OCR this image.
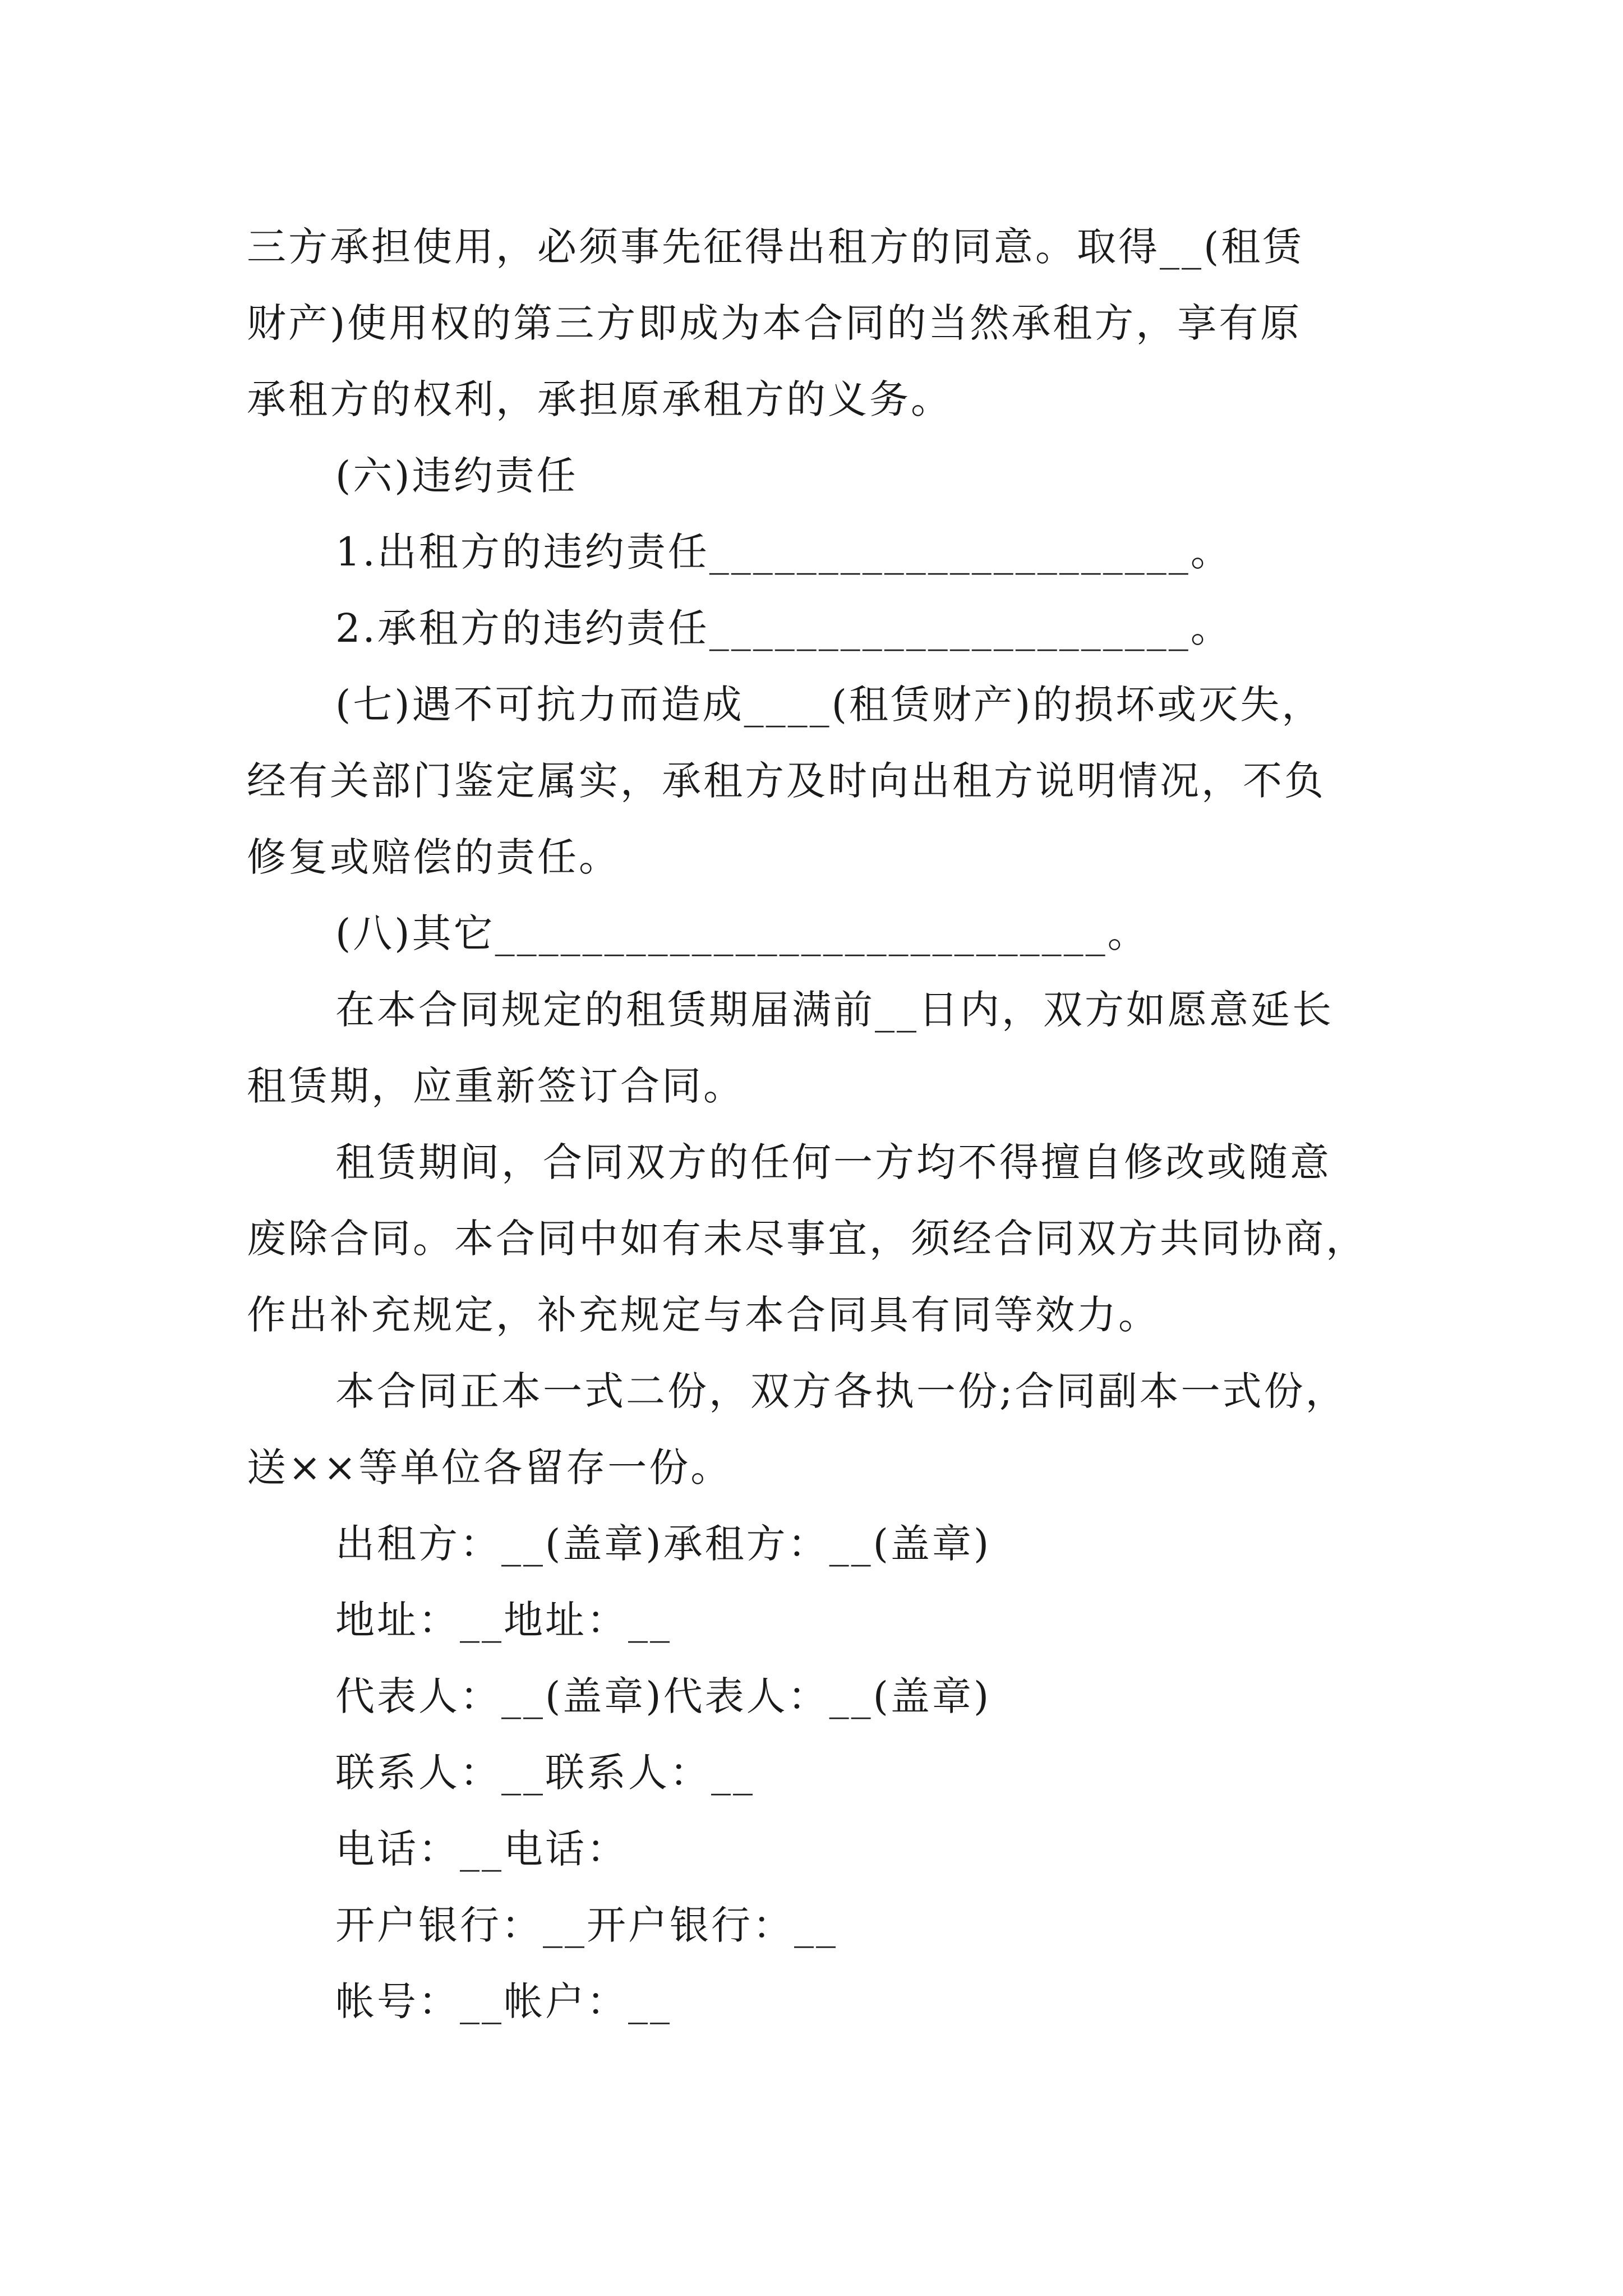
三方承担使用，必须事先征得出租方的同意。取得__(租赁
财产)使用权的第三方即成为本合同的当然承租方，享有原
承租方的权利，承担原承租方的义务。
(六)违约责任
1.出租方的违约责任______________________。
2.承租方的违约责任______________________。
(七)遇不可抗力而造成____(租赁财产)的损坏或灭失，
经有关部门鉴定属实，承租方及时向出租方说明情况，不负
修复或赔偿的责任。
(八)其它____________________________。
在本合同规定的租赁期届满前__日内，双方如愿意延长
租赁期，应重新签订合同。
租赁期间，合同双方的任何一方均不得擅自修改或随意
废除合同。本合同中如有未尽事宜，须经合同双方共同协商，
作出补充规定，补充规定与本合同具有同等效力。
本合同正本一式二份，双方各执一份;合同副本一式份，
送××等单位各留存一份。
出租方：__(盖章)承租方：__(盖章)
地址：__地址：__
代表人：__(盖章)代表人：__(盖章)
联系人：__联系人：__
电话：__电话：
开户银行：__开户银行：__
帐号：__帐户：__
